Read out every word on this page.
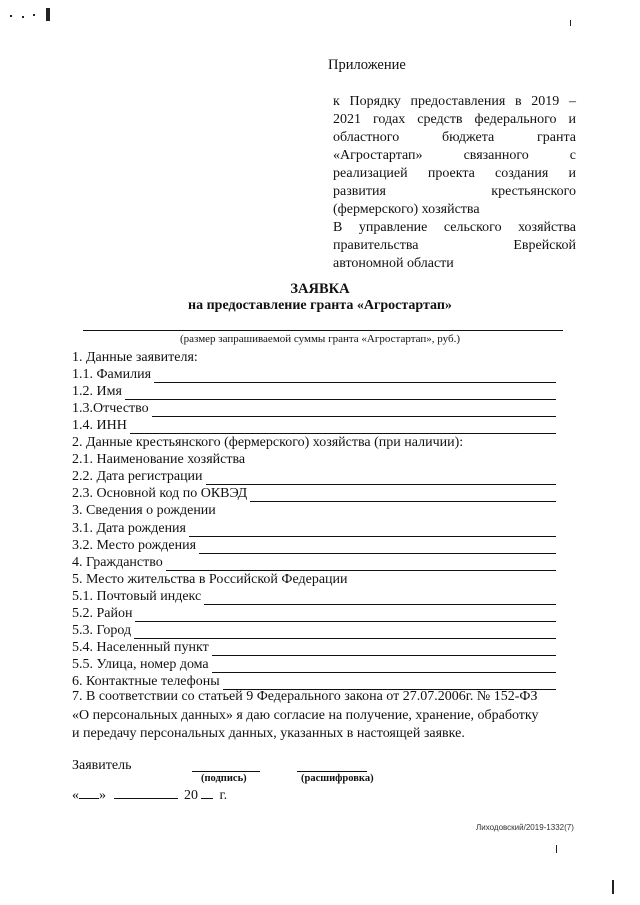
Приложение
к Порядку предоставления в 2019 –
2021 годах средств федерального и
областного	бюджета	гранта
«Агростартап»	связанного	с
реализацией проекта создания и
развития	крестьянского
(фермерского) хозяйства
В управление сельского хозяйства
правительства	Еврейской
автономной области
ЗАЯВКА
на предоставление гранта «Агростартап»
(размер запрашиваемой суммы гранта «Агростартап», руб.)
1. Данные заявителя:
1.1. Фамилия
1.2. Имя
1.3.Отчество
1.4. ИНН
2. Данные крестьянского (фермерского) хозяйства (при наличии):
2.1. Наименование хозяйства
2.2. Дата регистрации
2.3. Основной код по ОКВЭД
3. Сведения о рождении
3.1. Дата рождения
3.2. Место рождения
4. Гражданство
5. Место жительства в Российской Федерации
5.1. Почтовый индекс
5.2. Район
5.3. Город
5.4. Населенный пункт
5.5. Улица, номер дома
6. Контактные телефоны
7. В соответствии со статьей 9 Федерального закона от 27.07.2006г. № 152-ФЗ
«О персональных данных» я даю согласие на получение, хранение, обработку
и передачу персональных данных, указанных в настоящей заявке.
Заявитель
(подпись)	(расшифровка)
« »	20 г.
Лиходовский/2019-1332(7)
